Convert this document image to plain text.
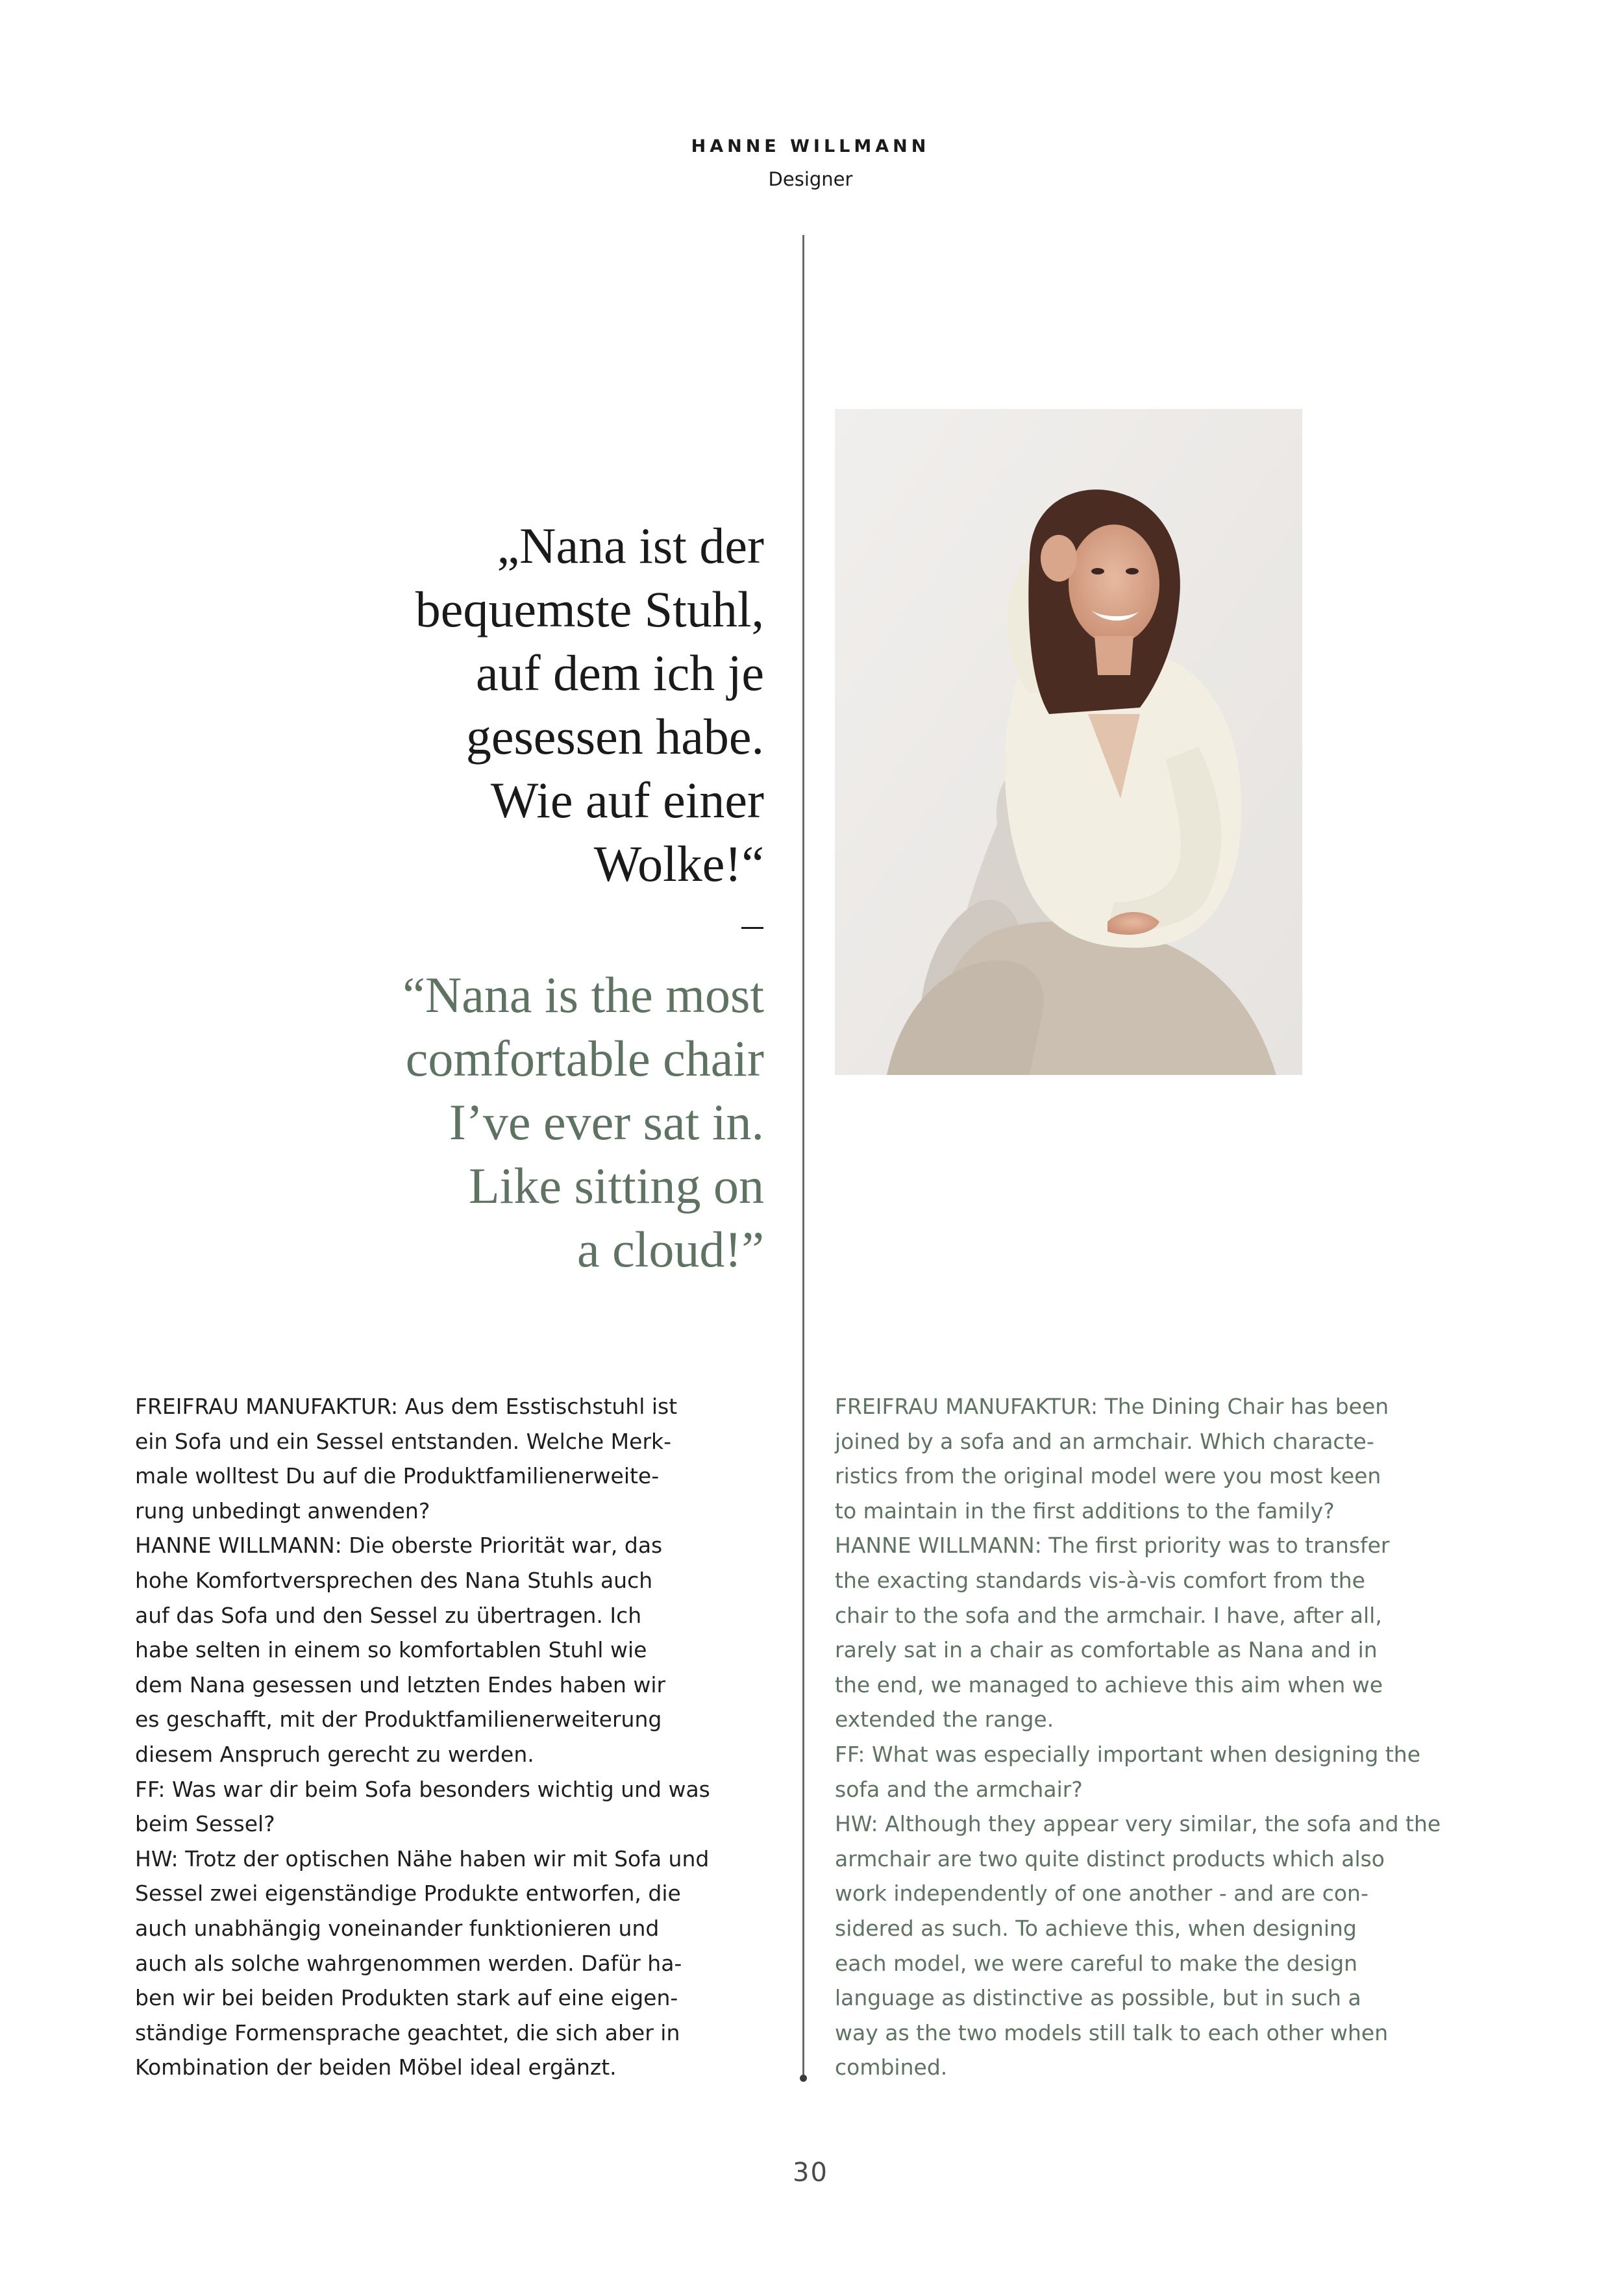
HANNE WILLMANN
Designer
„Nana ist der
bequemste Stuhl,
auf dem ich je
gesessen habe.
Wie auf einer
Wolke!“
“Nana is the most
comfortable chair
I’ve ever sat in.
Like sitting on
a cloud!”

FREIFRAU MANUFAKTUR: Aus dem Esstischstuhl ist
ein Sofa und ein Sessel entstanden. Welche Merk-
male wolltest Du auf die Produktfamilienerweite-
rung unbedingt anwenden?

HANNE WILLMANN: Die oberste Priorität war, das
hohe Komfortversprechen des Nana Stuhls auch
auf das Sofa und den Sessel zu übertragen. Ich
habe selten in einem so komfortablen Stuhl wie
dem Nana gesessen und letzten Endes haben wir
es geschafft, mit der Produktfamilienerweiterung
diesem Anspruch gerecht zu werden.

FF: Was war dir beim Sofa besonders wichtig und was
beim Sessel?

HW: Trotz der optischen Nähe haben wir mit Sofa und
Sessel zwei eigenständige Produkte entworfen, die
auch unabhängig voneinander funktionieren und
auch als solche wahrgenommen werden. Dafür ha-
ben wir bei beiden Produkten stark auf eine eigen-
ständige Formensprache geachtet, die sich aber in
Kombination der beiden Möbel ideal ergänzt.

FREIFRAU MANUFAKTUR: The Dining Chair has been
joined by a sofa and an armchair. Which characte-
ristics from the original model were you most keen
to maintain in the first additions to the family?

HANNE WILLMANN: The first priority was to transfer
the exacting standards vis-à-vis comfort from the
chair to the sofa and the armchair. I have, after all,
rarely sat in a chair as comfortable as Nana and in
the end, we managed to achieve this aim when we
extended the range.

FF: What was especially important when designing the
sofa and the armchair?

HW: Although they appear very similar, the sofa and the
armchair are two quite distinct products which also
work independently of one another - and are con-
sidered as such. To achieve this, when designing
each model, we were careful to make the design
language as distinctive as possible, but in such a
way as the two models still talk to each other when
combined.

30
